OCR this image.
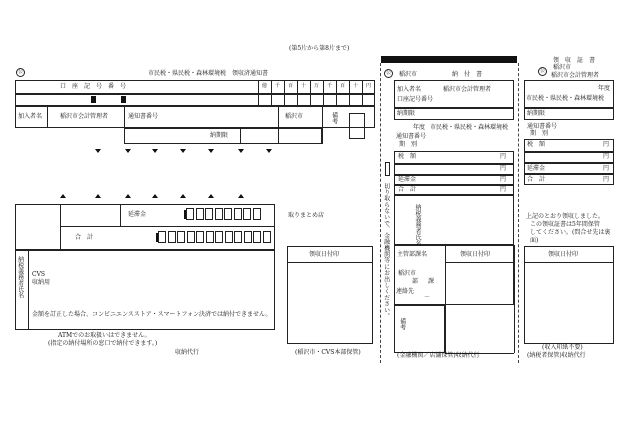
(第5片から第8片まで)
公	市民税・県民税・森林環境税　領収済通知書
口　座　記　号　番　号	億 千 百 十 万 千 百 十 円
加入者名	稲沢市会計管理者	通知書番号	稲沢市	備考
納期限
延滞金
合　計
取りまとめ店
納税義務者氏名 CVS
収納用
金額を訂正した場合、コンビニエンスストア・スマートフォン決済では納付できません。
ATMでのお取扱いはできません。
(指定の納付場所の窓口で納付できます。)
収納代行
領収日付印
(稲沢市・CVS本部保管)
公	稲沢市	納　付　書
加入者名	稲沢市会計管理者
口座記号番号
納期限
年度 市民税・県民税・森林環境税
通知書番号
期　別
税　額	円
円
延滞金	円
合　計	円
切り取らないで、金融機関等にお出しください。	納税義務者氏名
主管部課名
稲沢市
部 課
連絡先
－
領収日付印
備考
(金融機関／店舗保管)収納代行
領　収　証　書
公	稲沢市
稲沢市会計管理者
年度
市民税・県民税・森林環境税
納期限
通知書番号
期　別
税　額	円
円
延滞金	円
合　計	円
上記のとおり領収しました。
この領収証書は5年間保管
してください。(問合せ先は裏
面)
領収日付印
(収入印紙不要)
(納税者保管)収納代行
